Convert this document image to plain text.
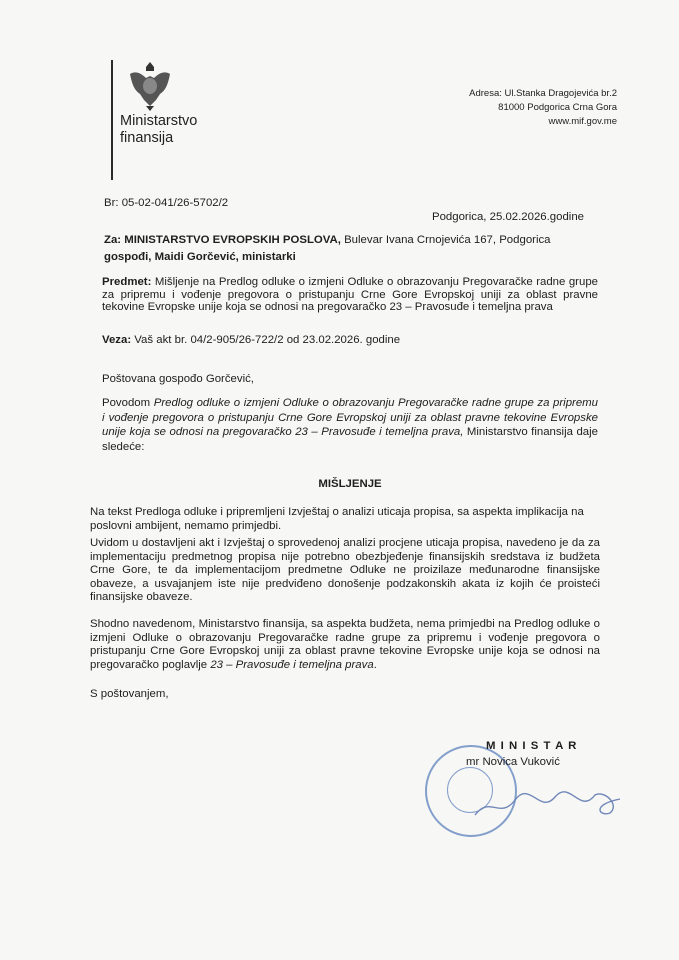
Ministarstvo
finansija
Adresa: Ul.Stanka Dragojevića br.2
81000 Podgorica Crna Gora
www.mif.gov.me
Br: 05-02-041/26-5702/2
Podgorica, 25.02.2026.godine
Za: MINISTARSTVO EVROPSKIH POSLOVA, Bulevar Ivana Crnojevića 167, Podgorica
gospođi, Maidi Gorčević, ministarki
Predmet: Mišljenje na Predlog odluke o izmjeni Odluke o obrazovanju Pregovaračke radne grupe za pripremu i vođenje pregovora o pristupanju Crne Gore Evropskoj uniji za oblast pravne tekovine Evropske unije koja se odnosi na pregovaračko 23 – Pravosuđe i temeljna prava
Veza: Vaš akt br. 04/2-905/26-722/2 od 23.02.2026. godine
Poštovana gospođo Gorčević,
Povodom Predlog odluke o izmjeni Odluke o obrazovanju Pregovaračke radne grupe za pripremu i vođenje pregovora o pristupanju Crne Gore Evropskoj uniji za oblast pravne tekovine Evropske unije koja se odnosi na pregovaračko 23 – Pravosuđe i temeljna prava, Ministarstvo finansija daje sledeće:
MIŠLJENJE
Na tekst Predloga odluke i pripremljeni Izvještaj o analizi uticaja propisa, sa aspekta implikacija na poslovni ambijent, nemamo primjedbi.
Uvidom u dostavljeni akt i Izvještaj o sprovedenoj analizi procjene uticaja propisa, navedeno je da za implementaciju predmetnog propisa nije potrebno obezbjeđenje finansijskih sredstava iz budžeta Crne Gore, te da implementacijom predmetne Odluke ne proizilaze međunarodne finansijske obaveze, a usvajanjem iste nije predviđeno donošenje podzakonskih akata iz kojih će proisteći finansijske obaveze.
Shodno navedenom, Ministarstvo finansija, sa aspekta budžeta, nema primjedbi na Predlog odluke o izmjeni Odluke o obrazovanju Pregovaračke radne grupe za pripremu i vođenje pregovora o pristupanju Crne Gore Evropskoj uniji za oblast pravne tekovine Evropske unije koja se odnosi na pregovaračko poglavlje 23 – Pravosuđe i temeljna prava.
S poštovanjem,
M I N I S T A R
mr Novica Vuković
